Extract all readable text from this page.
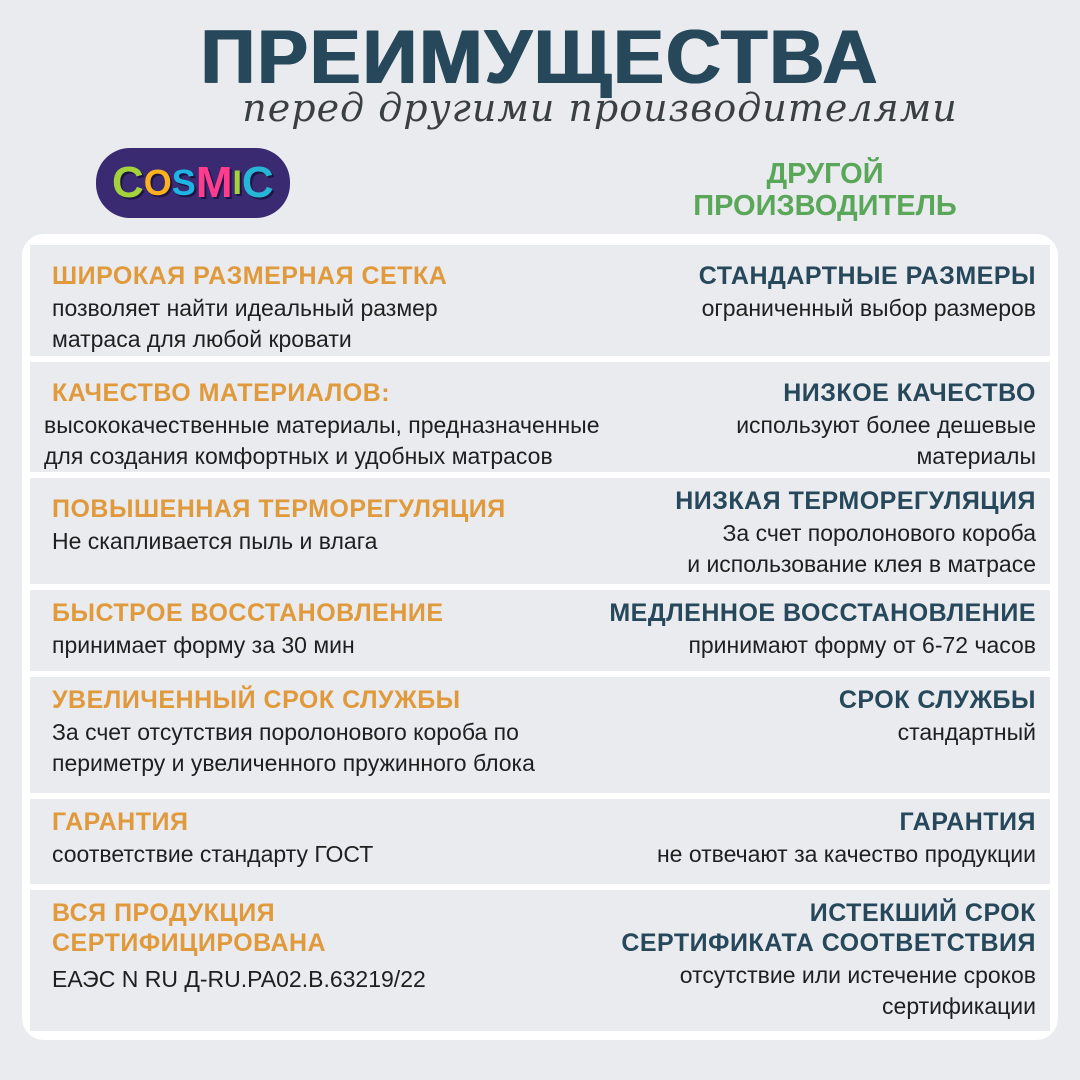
ПРЕИМУЩЕСТВА
перед другими производителями
C O S M I C	ДРУГОЙ
ПРОИЗВОДИТЕЛЬ
ШИРОКАЯ РАЗМЕРНАЯ СЕТКА
позволяет найти идеальный размер
матраса для любой кровати
СТАНДАРТНЫЕ РАЗМЕРЫ
ограниченный выбор размеров
КАЧЕСТВО МАТЕРИАЛОВ:
высококачественные материалы, предназначенные
для создания комфортных и удобных матрасов
НИЗКОЕ КАЧЕСТВО
используют более дешевые
материалы
ПОВЫШЕННАЯ ТЕРМОРЕГУЛЯЦИЯ
Не скапливается пыль и влага
НИЗКАЯ ТЕРМОРЕГУЛЯЦИЯ
За счет поролонового короба
и использование клея в матрасе
БЫСТРОЕ ВОССТАНОВЛЕНИЕ
принимает форму за 30 мин
МЕДЛЕННОЕ ВОССТАНОВЛЕНИЕ
принимают форму от 6-72 часов
УВЕЛИЧЕННЫЙ СРОК СЛУЖБЫ
За счет отсутствия поролонового короба по
периметру и увеличенного пружинного блока
СРОК СЛУЖБЫ
стандартный
ГАРАНТИЯ
соответствие стандарту ГОСТ
ГАРАНТИЯ
не отвечают за качество продукции
ВСЯ ПРОДУКЦИЯ
СЕРТИФИЦИРОВАНА
ЕАЭС N RU Д-RU.PA02.B.63219/22
ИСТЕКШИЙ СРОК
СЕРТИФИКАТА СООТВЕТСТВИЯ
отсутствие или истечение сроков
сертификации
